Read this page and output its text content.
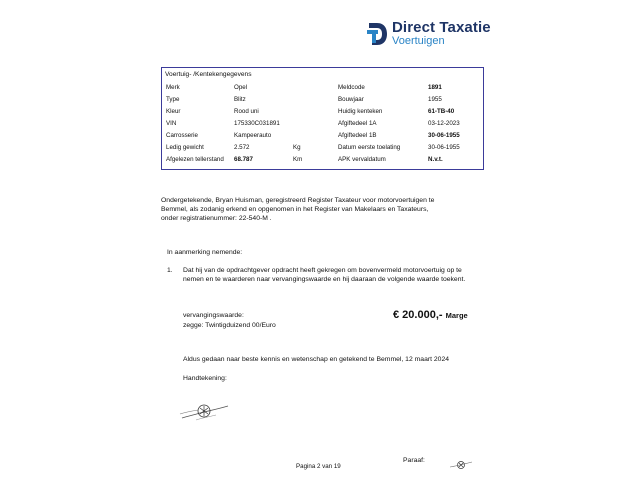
Direct Taxatie
Voertuigen
Voertuig- /Kentekengegevens
Merk
Type
Kleur
VIN
Carrosserie
Ledig gewicht
Afgelezen tellerstand
Opel
Blitz
Rood uni
175330C031891
Kampeerauto
2.572
68.787
Kg
Km
Meldcode
Bouwjaar
Huidig kenteken
Afgiftedeel 1A
Afgiftedeel 1B
Datum eerste toelating
APK vervaldatum
1891
1955
61-TB-40
03-12-2023
30-06-1955
30-06-1955
N.v.t.
Ondergetekende, Bryan Huisman, geregistreerd Register Taxateur voor motorvoertuigen te
Bemmel, als zodanig erkend en opgenomen in het Register van Makelaars en Taxateurs,
onder registratienummer: 22-540-M .
In aanmerking nemende:
1. Dat hij van de opdrachtgever opdracht heeft gekregen om bovenvermeld motorvoertuig op te
nemen en te waarderen naar vervangingswaarde en hij daaraan de volgende waarde toekent.
vervangingswaarde:
zegge: Twintigduizend 00/Euro
€ 20.000,- Marge
Aldus gedaan naar beste kennis en wetenschap en getekend te Bemmel, 12 maart 2024
Handtekening:
Pagina 2 van 19
Paraaf:
